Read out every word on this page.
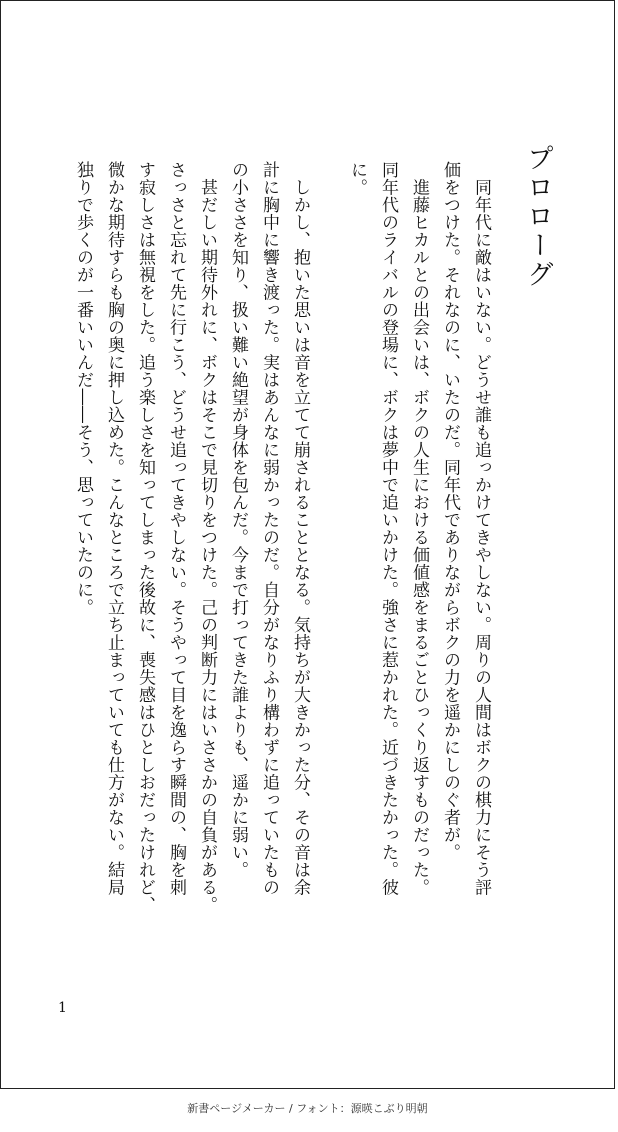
プロローグ
　同年代に敵はいない。どうせ誰も追っかけてきやしない。周りの人間はボクの棋力にそう評
価をつけた。それなのに、いたのだ。同年代でありながらボクの力を遥かにしのぐ者が。
　進藤ヒカルとの出会いは、ボクの人生における価値感をまるごとひっくり返すものだった。
同年代のライバルの登場に、ボクは夢中で追いかけた。強さに惹かれた。近づきたかった。彼
に。
　しかし、抱いた思いは音を立てて崩されることとなる。気持ちが大きかった分、その音は余
計に胸中に響き渡った。実はあんなに弱かったのだ。自分がなりふり構わずに追っていたもの
の小ささを知り、扱い難い絶望が身体を包んだ。今まで打ってきた誰よりも、遥かに弱い。
　甚だしい期待外れに、ボクはそこで見切りをつけた。己の判断力にはいささかの自負がある。
さっさと忘れて先に行こう、どうせ追ってきやしない。そうやって目を逸らす瞬間の、胸を刺
す寂しさは無視をした。追う楽しさを知ってしまった後故に、喪失感はひとしおだったけれど、
微かな期待すらも胸の奥に押し込めた。こんなところで立ち止まっていても仕方がない。結局
独りで歩くのが一番いいんだ――そう、思っていたのに。
1
新書ページメーカー / フォント：源暎こぶり明朝
